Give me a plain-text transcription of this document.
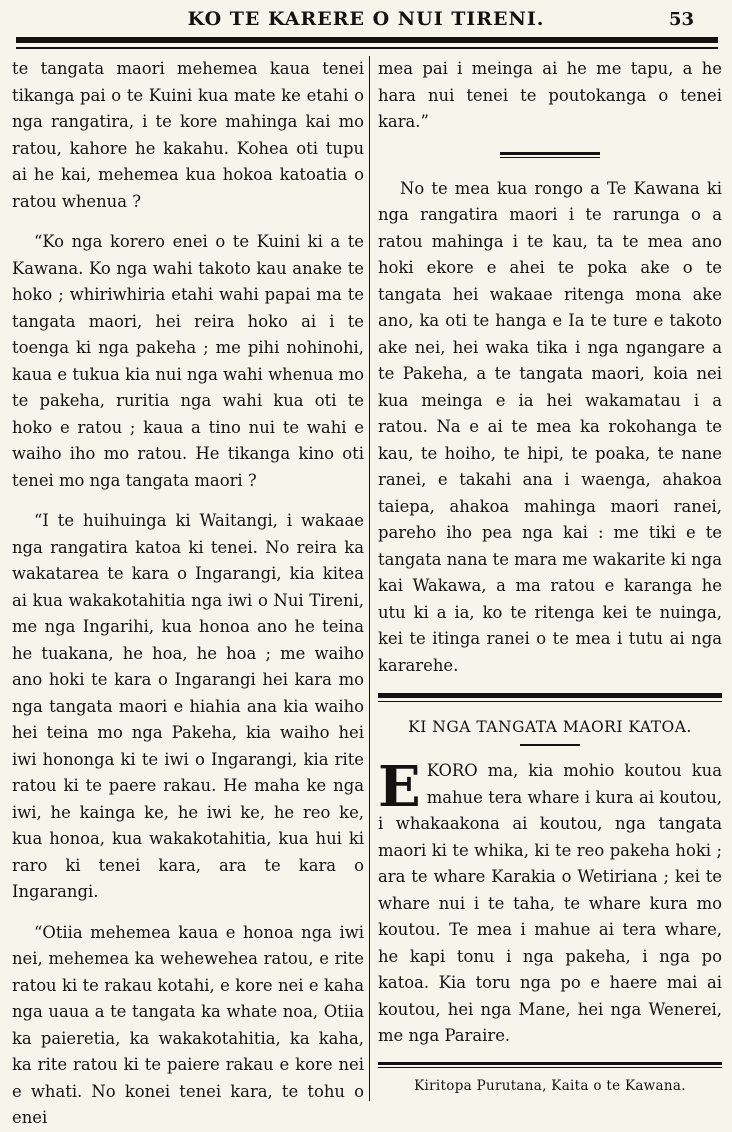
KO TE KARERE O NUI TIRENI.	53

te tangata maori mehemea kaua tenei tikanga pai o te Kuini kua mate ke etahi o nga rangatira, i te kore mahinga kai mo ratou, kahore he kakahu. Kohea oti tupu ai he kai, mehemea kua hokoa katoatia o ratou whenua ?

“Ko nga korero enei o te Kuini ki a te Kawana. Ko nga wahi takoto kau anake te hoko ; whiriwhiria etahi wahi papai ma te tangata maori, hei reira hoko ai i te toenga ki nga pakeha ; me pihi nohinohi, kaua e tukua kia nui nga wahi whenua mo te pakeha, ruritia nga wahi kua oti te hoko e ratou ; kaua a tino nui te wahi e waiho iho mo ratou. He tikanga kino oti tenei mo nga tangata maori ?

“I te huihuinga ki Waitangi, i wakaae nga rangatira katoa ki tenei. No reira ka wakatarea te kara o Ingarangi, kia kitea ai kua wakakotahitia nga iwi o Nui Tireni, me nga Ingarihi, kua honoa ano he teina he tuakana, he hoa, he hoa ; me waiho ano hoki te kara o Ingarangi hei kara mo nga tangata maori e hiahia ana kia waiho hei teina mo nga Pakeha, kia waiho hei iwi hononga ki te iwi o Ingarangi, kia rite ratou ki te paere rakau. He maha ke nga iwi, he kainga ke, he iwi ke, he reo ke, kua honoa, kua wakakotahitia, kua hui ki raro ki tenei kara, ara te kara o Ingarangi.

“Otiia mehemea kaua e honoa nga iwi nei, mehemea ka wehewehea ratou, e rite ratou ki te rakau kotahi, e kore nei e kaha nga uaua a te tangata ka whate noa, Otiia ka paieretia, ka wakakotahitia, ka kaha, ka rite ratou ki te paiere rakau e kore nei e whati. No konei tenei kara, te tohu o enei

mea pai i meinga ai he me tapu, a he hara nui tenei te poutokanga o tenei kara.”

No te mea kua rongo a Te Kawana ki nga rangatira maori i te rarunga o a ratou mahinga i te kau, ta te mea ano hoki ekore e ahei te poka ake o te tangata hei wakaae ritenga mona ake ano, ka oti te hanga e Ia te ture e takoto ake nei, hei waka tika i nga ngangare a te Pakeha, a te tangata maori, koia nei kua meinga e ia hei wakamatau i a ratou. Na e ai te mea ka rokohanga te kau, te hoiho, te hipi, te poaka, te nane ranei, e takahi ana i waenga, ahakoa taiepa, ahakoa mahinga maori ranei, pareho iho pea nga kai : me tiki e te tangata nana te mara me wakarite ki nga kai Wakawa, a ma ratou e karanga he utu ki a ia, ko te ritenga kei te nuinga, kei te itinga ranei o te mea i tutu ai nga kararehe.

KI NGA TANGATA MAORI KATOA.

EKORO ma, kia mohio koutou kua mahue tera whare i kura ai koutou, i whakaakona ai koutou, nga tangata maori ki te whika, ki te reo pakeha hoki ; ara te whare Karakia o Wetiriana ; kei te whare nui i te taha, te whare kura mo koutou. Te mea i mahue ai tera whare, he kapi tonu i nga pakeha, i nga po katoa. Kia toru nga po e haere mai ai koutou, hei nga Mane, hei nga Wenerei, me nga Paraire.

Kiritopa Purutana, Kaita o te Kawana.
